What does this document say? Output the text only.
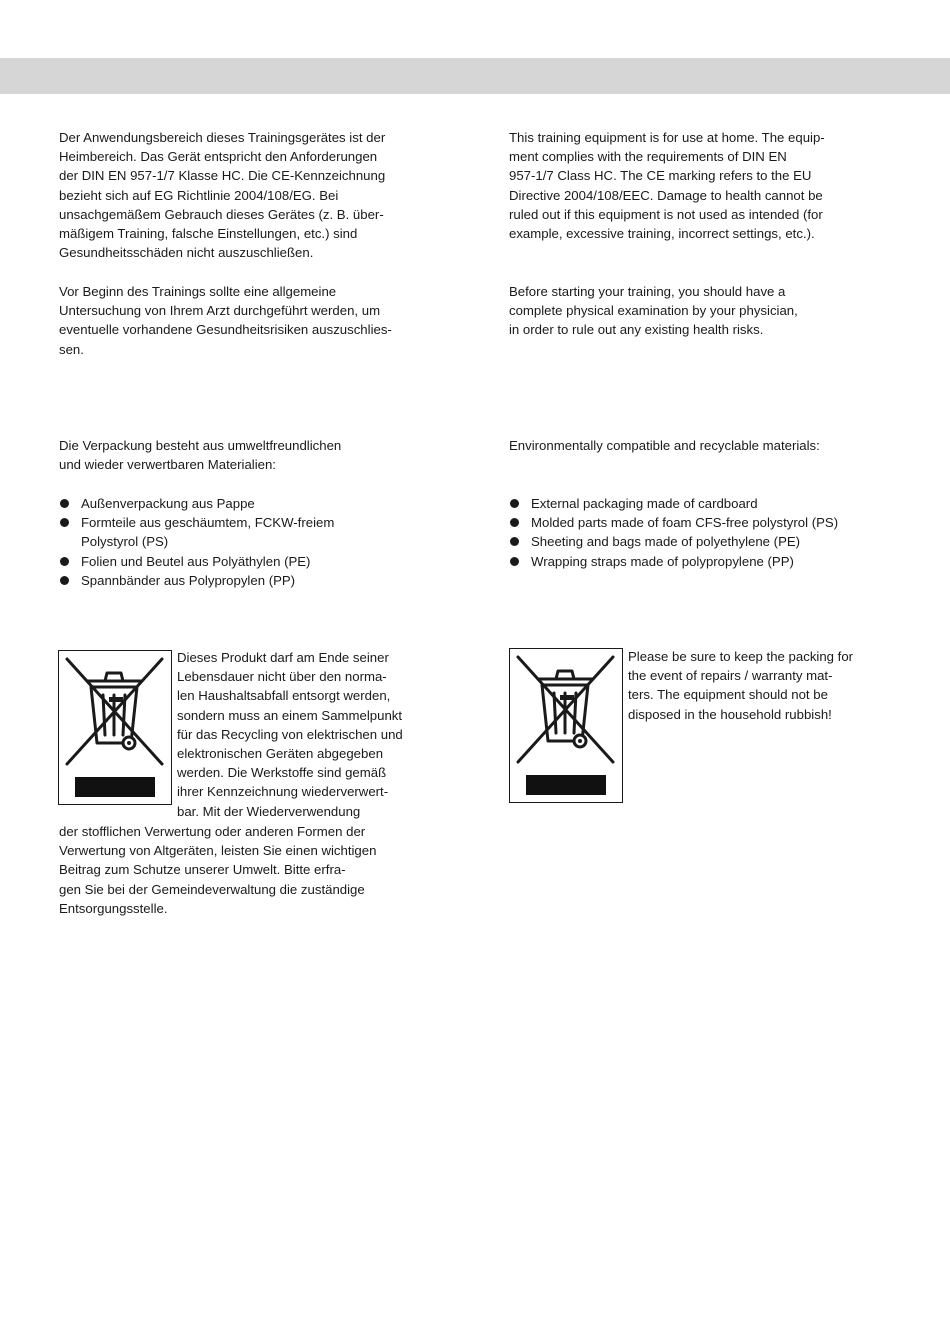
Der Anwendungsbereich dieses Trainingsgerätes ist der
Heimbereich. Das Gerät entspricht den Anforderungen
der DIN EN 957-1/7 Klasse HC. Die CE-Kennzeichnung
bezieht sich auf EG Richtlinie 2004/108/EG. Bei
unsachgemäßem Gebrauch dieses Gerätes (z. B. über-
mäßigem Training, falsche Einstellungen, etc.) sind
Gesundheitsschäden nicht auszuschließen.

Vor Beginn des Trainings sollte eine allgemeine
Untersuchung von Ihrem Arzt durchgeführt werden, um
eventuelle vorhandene Gesundheitsrisiken auszuschlies-
sen.

Die Verpackung besteht aus umweltfreundlichen
und wieder verwertbaren Materialien:

Außenverpackung aus Pappe
Formteile aus geschäumtem, FCKW-freiem
Polystyrol (PS)
Folien und Beutel aus Polyäthylen (PE)
Spannbänder aus Polypropylen (PP)

Dieses Produkt darf am Ende seiner
Lebensdauer nicht über den norma-
len Haushaltsabfall entsorgt werden,
sondern muss an einem Sammelpunkt
für das Recycling von elektrischen und
elektronischen Geräten abgegeben
werden. Die Werkstoffe sind gemäß
ihrer Kennzeichnung wiederverwert-
bar. Mit der Wiederverwendung

der stofflichen Verwertung oder anderen Formen der
Verwertung von Altgeräten, leisten Sie einen wichtigen
Beitrag zum Schutze unserer Umwelt. Bitte erfra-
gen Sie bei der Gemeindeverwaltung die zuständige
Entsorgungsstelle.

This training equipment is for use at home. The equip-
ment complies with the requirements of DIN EN
957-1/7 Class HC. The CE marking refers to the EU
Directive 2004/108/EEC. Damage to health cannot be
ruled out if this equipment is not used as intended (for
example, excessive training, incorrect settings, etc.).

Before starting your training, you should have a
complete physical examination by your physician,
in order to rule out any existing health risks.

Environmentally compatible and recyclable materials:

External packaging made of cardboard
Molded parts made of foam CFS-free polystyrol (PS)
Sheeting and bags made of polyethylene (PE)
Wrapping straps made of polypropylene (PP)

Please be sure to keep the packing for
the event of repairs / warranty mat-
ters. The equipment should not be
disposed in the household rubbish!
